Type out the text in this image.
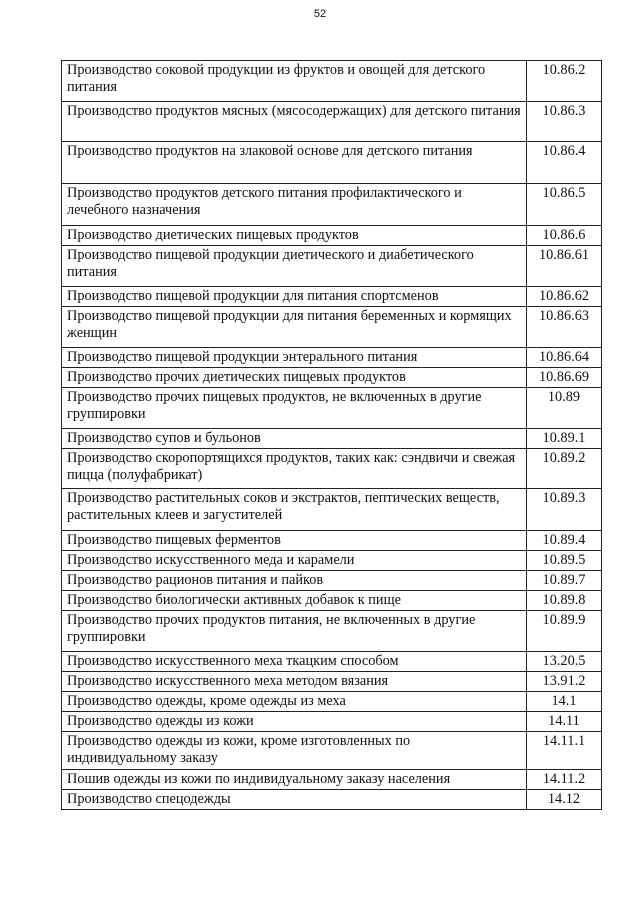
52
Производство соковой продукции из фруктов и овощей для детского питания	10.86.2
Производство продуктов мясных (мясосодержащих) для детского питания	10.86.3
Производство продуктов на злаковой основе для детского питания	10.86.4
Производство продуктов детского питания профилактического и лечебного назначения	10.86.5
Производство диетических пищевых продуктов	10.86.6
Производство пищевой продукции диетического и диабетического питания	10.86.61
Производство пищевой продукции для питания спортсменов	10.86.62
Производство пищевой продукции для питания беременных и кормящих женщин	10.86.63
Производство пищевой продукции энтерального питания	10.86.64
Производство прочих диетических пищевых продуктов	10.86.69
Производство прочих пищевых продуктов, не включенных в другие группировки	10.89
Производство супов и бульонов	10.89.1
Производство скоропортящихся продуктов, таких как: сэндвичи и свежая пицца (полуфабрикат)	10.89.2
Производство растительных соков и экстрактов, пептических веществ, растительных клеев и загустителей	10.89.3
Производство пищевых ферментов	10.89.4
Производство искусственного меда и карамели	10.89.5
Производство рационов питания и пайков	10.89.7
Производство биологически активных добавок к пище	10.89.8
Производство прочих продуктов питания, не включенных в другие группировки	10.89.9
Производство искусственного меха ткацким способом	13.20.5
Производство искусственного меха методом вязания	13.91.2
Производство одежды, кроме одежды из меха	14.1
Производство одежды из кожи	14.11
Производство одежды из кожи, кроме изготовленных по индивидуальному заказу	14.11.1
Пошив одежды из кожи по индивидуальному заказу населения	14.11.2
Производство спецодежды	14.12
